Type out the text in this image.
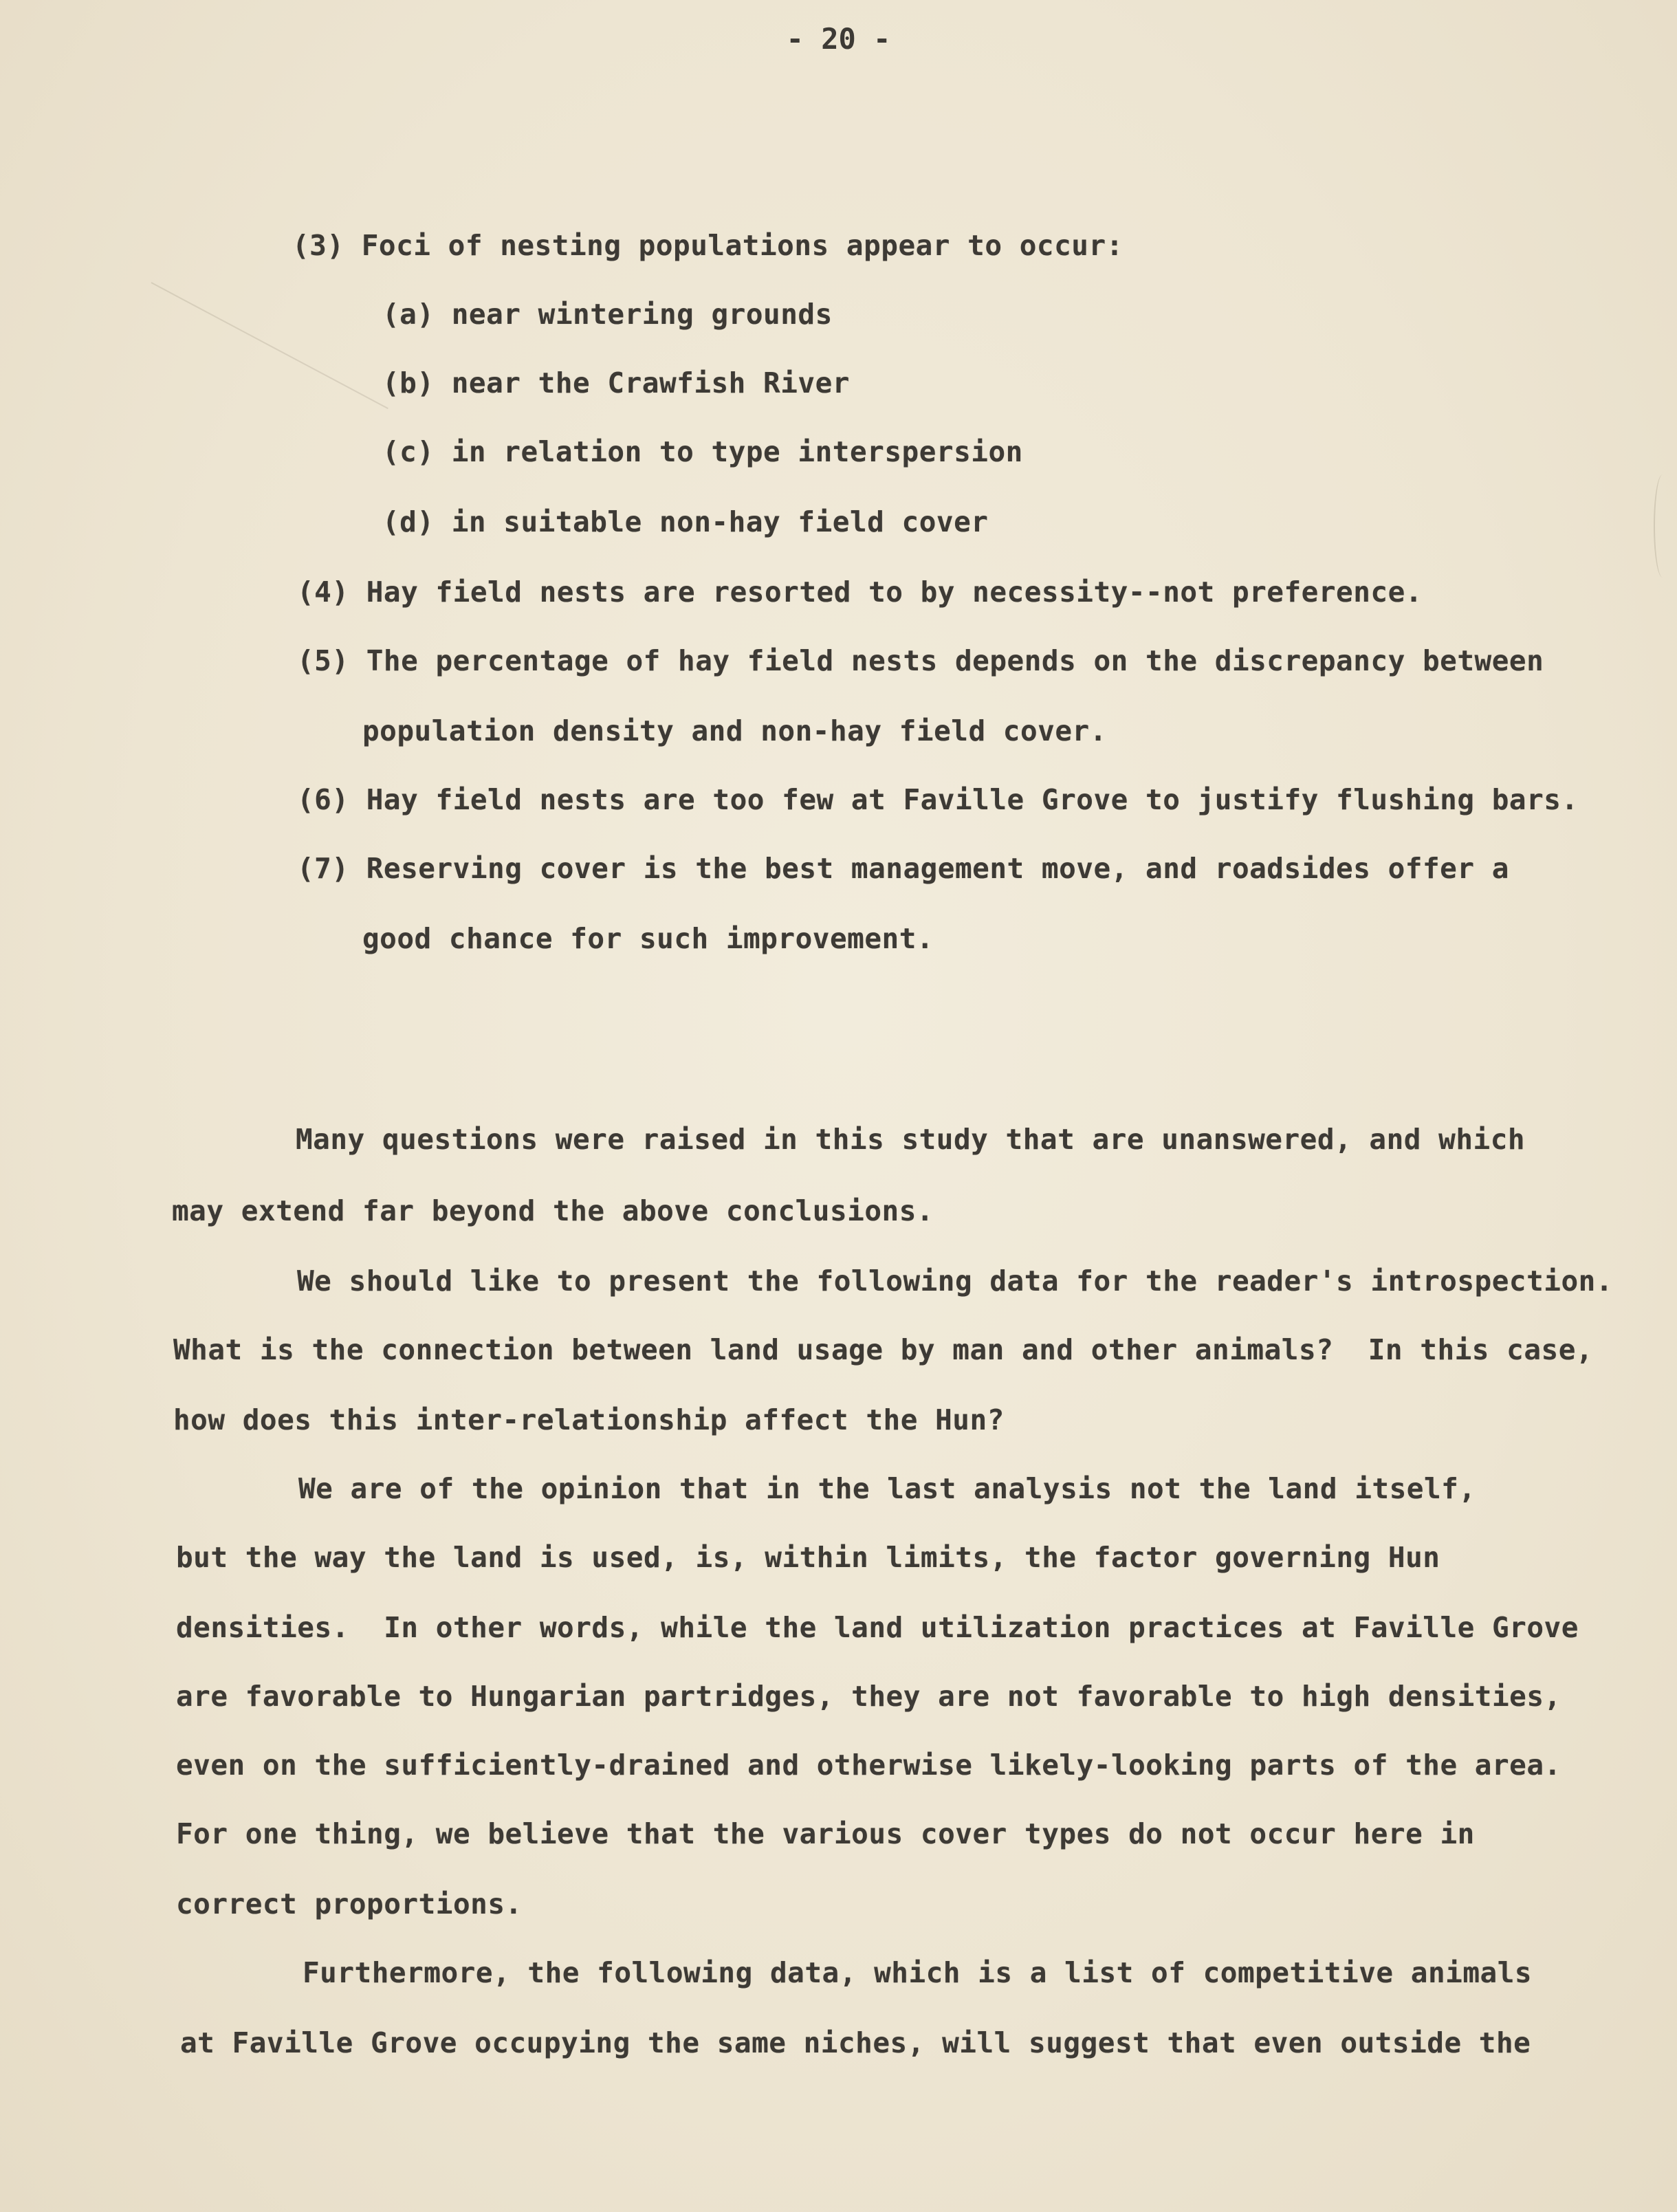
- 20 -
(3) Foci of nesting populations appear to occur:
(a) near wintering grounds
(b) near the Crawfish River
(c) in relation to type interspersion
(d) in suitable non-hay field cover
(4) Hay field nests are resorted to by necessity--not preference.
(5) The percentage of hay field nests depends on the discrepancy between
population density and non-hay field cover.
(6) Hay field nests are too few at Faville Grove to justify flushing bars.
(7) Reserving cover is the best management move, and roadsides offer a
good chance for such improvement.
Many questions were raised in this study that are unanswered, and which
may extend far beyond the above conclusions.
We should like to present the following data for the reader's introspection.
What is the connection between land usage by man and other animals?  In this case,
how does this inter-relationship affect the Hun?
We are of the opinion that in the last analysis not the land itself,
but the way the land is used, is, within limits, the factor governing Hun
densities.  In other words, while the land utilization practices at Faville Grove
are favorable to Hungarian partridges, they are not favorable to high densities,
even on the sufficiently-drained and otherwise likely-looking parts of the area.
For one thing, we believe that the various cover types do not occur here in
correct proportions.
Furthermore, the following data, which is a list of competitive animals
at Faville Grove occupying the same niches, will suggest that even outside the
